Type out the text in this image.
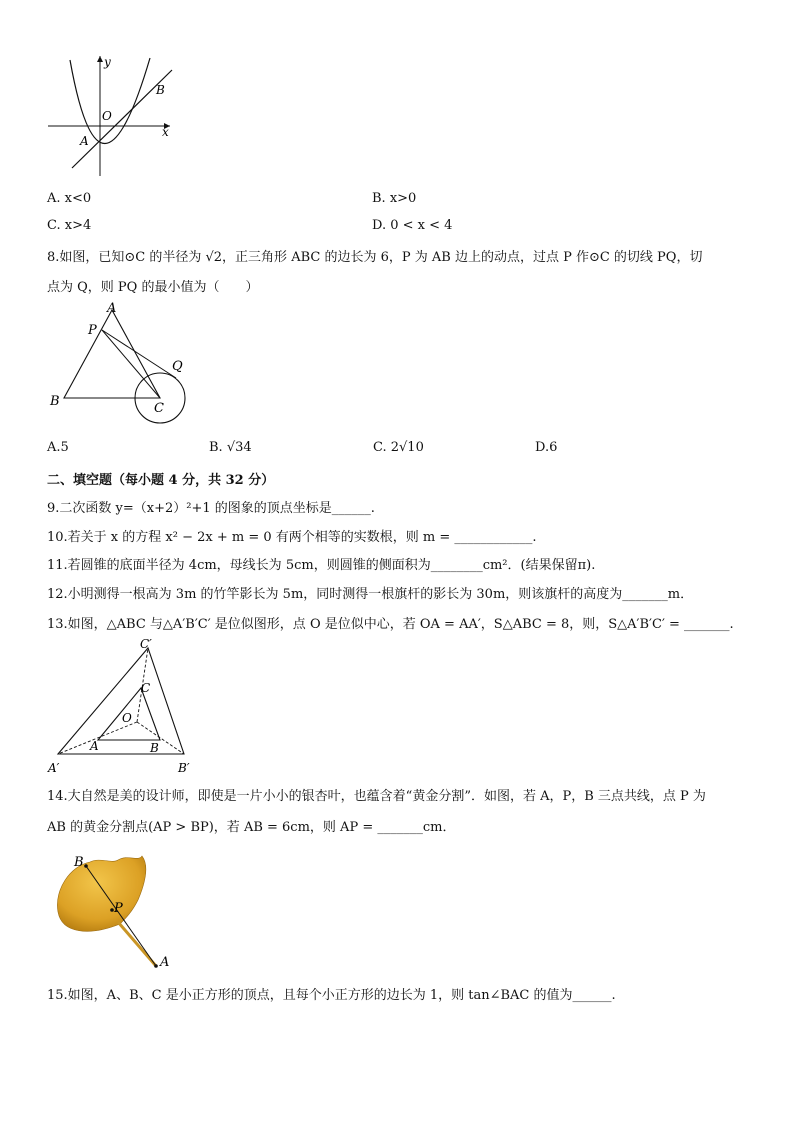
y
x
O
A
B
A. x<0	B. x>0
C. x>4	D. 0 < x < 4
8.如图，已知⊙C 的半径为 √2，正三角形 ABC 的边长为 6，P 为 AB 边上的动点，过点 P 作⊙C 的切线 PQ，切
点为 Q，则 PQ 的最小值为（　　）
A
P
Q
B	C
A.5	B. √34	C. 2√10	D.6
二、填空题（每小题 4 分，共 32 分）
9.二次函数 y=（x+2）²+1 的图象的顶点坐标是______.
10.若关于 x 的方程 x² − 2x + m = 0 有两个相等的实数根，则 m = ____________.
11.若圆锥的底面半径为 4cm，母线长为 5cm，则圆锥的侧面积为________cm²．(结果保留π).
12.小明测得一根高为 3m 的竹竿影长为 5m，同时测得一根旗杆的影长为 30m，则该旗杆的高度为_______m．
13.如图，△ABC 与△A′B′C′ 是位似图形，点 O 是位似中心，若 OA = AA′，S△ABC = 8，则，S△A′B′C′ = _______.
C′
C
O
A	B
A′	B′
14.大自然是美的设计师，即使是一片小小的银杏叶，也蕴含着“黄金分割”．如图，若 A，P，B 三点共线，点 P 为
AB 的黄金分割点(AP > BP)，若 AB = 6cm，则 AP = _______cm．
B
P
A
15.如图，A、B、C 是小正方形的顶点，且每个小正方形的边长为 1，则 tan∠BAC 的值为______.
